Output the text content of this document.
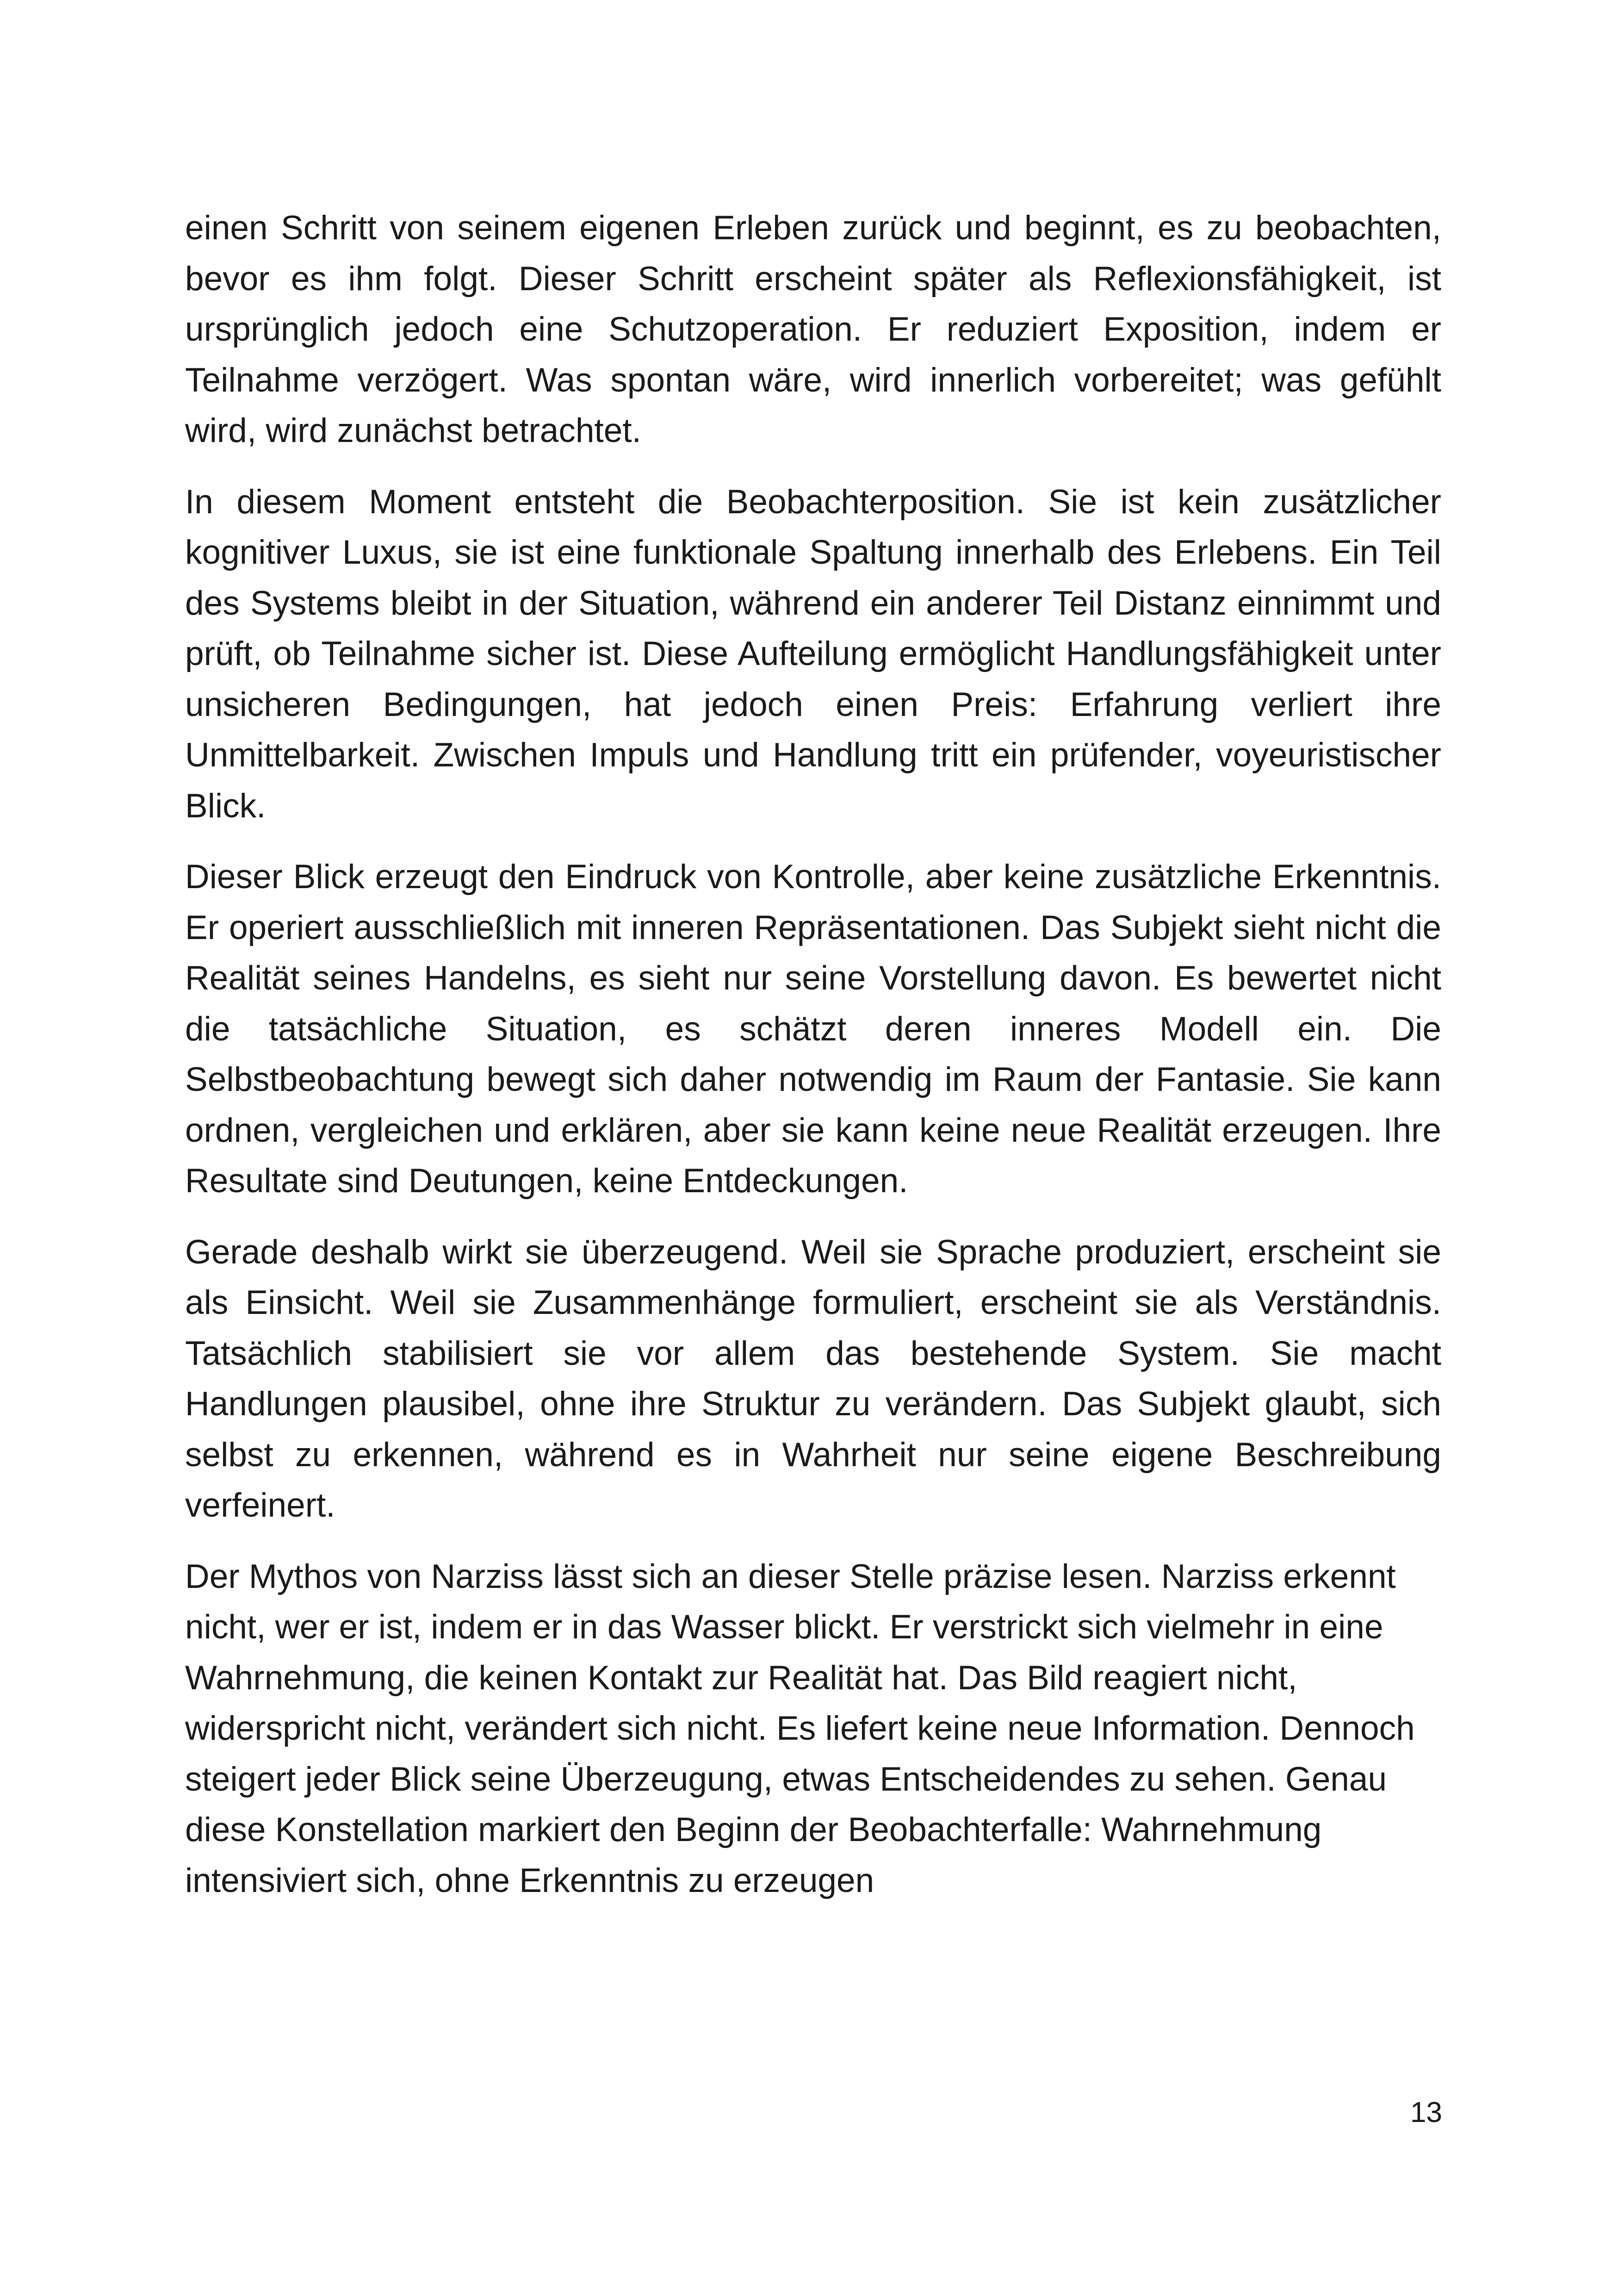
einen Schritt von seinem eigenen Erleben zurück und beginnt, es zu beobachten, bevor es ihm folgt. Dieser Schritt erscheint später als Reflexionsfähigkeit, ist ursprünglich jedoch eine Schutzoperation. Er reduziert Exposition, indem er Teilnahme verzögert. Was spontan wäre, wird innerlich vorbereitet; was gefühlt wird, wird zunächst betrachtet.

In diesem Moment entsteht die Beobachterposition. Sie ist kein zusätzlicher kognitiver Luxus, sie ist eine funktionale Spaltung innerhalb des Erlebens. Ein Teil des Systems bleibt in der Situation, während ein anderer Teil Distanz einnimmt und prüft, ob Teilnahme sicher ist. Diese Aufteilung ermöglicht Handlungsfähigkeit unter unsicheren Bedingungen, hat jedoch einen Preis: Erfahrung verliert ihre Unmittelbarkeit. Zwischen Impuls und Handlung tritt ein prüfender, voyeuristischer Blick.

Dieser Blick erzeugt den Eindruck von Kontrolle, aber keine zusätzliche Erkenntnis. Er operiert ausschließlich mit inneren Repräsentationen. Das Subjekt sieht nicht die Realität seines Handelns, es sieht nur seine Vorstellung davon. Es bewertet nicht die tatsächliche Situation, es schätzt deren inneres Modell ein. Die Selbstbeobachtung bewegt sich daher notwendig im Raum der Fantasie. Sie kann ordnen, vergleichen und erklären, aber sie kann keine neue Realität erzeugen. Ihre Resultate sind Deutungen, keine Entdeckungen.

Gerade deshalb wirkt sie überzeugend. Weil sie Sprache produziert, erscheint sie als Einsicht. Weil sie Zusammenhänge formuliert, erscheint sie als Verständnis. Tatsächlich stabilisiert sie vor allem das bestehende System. Sie macht Handlungen plausibel, ohne ihre Struktur zu verändern. Das Subjekt glaubt, sich selbst zu erkennen, während es in Wahrheit nur seine eigene Beschreibung verfeinert.

Der Mythos von Narziss lässt sich an dieser Stelle präzise lesen. Narziss erkennt nicht, wer er ist, indem er in das Wasser blickt. Er verstrickt sich vielmehr in eine Wahrnehmung, die keinen Kontakt zur Realität hat. Das Bild reagiert nicht, widerspricht nicht, verändert sich nicht. Es liefert keine neue Information. Dennoch steigert jeder Blick seine Überzeugung, etwas Entscheidendes zu sehen. Genau diese Konstellation markiert den Beginn der Beobachterfalle: Wahrnehmung intensiviert sich, ohne Erkenntnis zu erzeugen

13
